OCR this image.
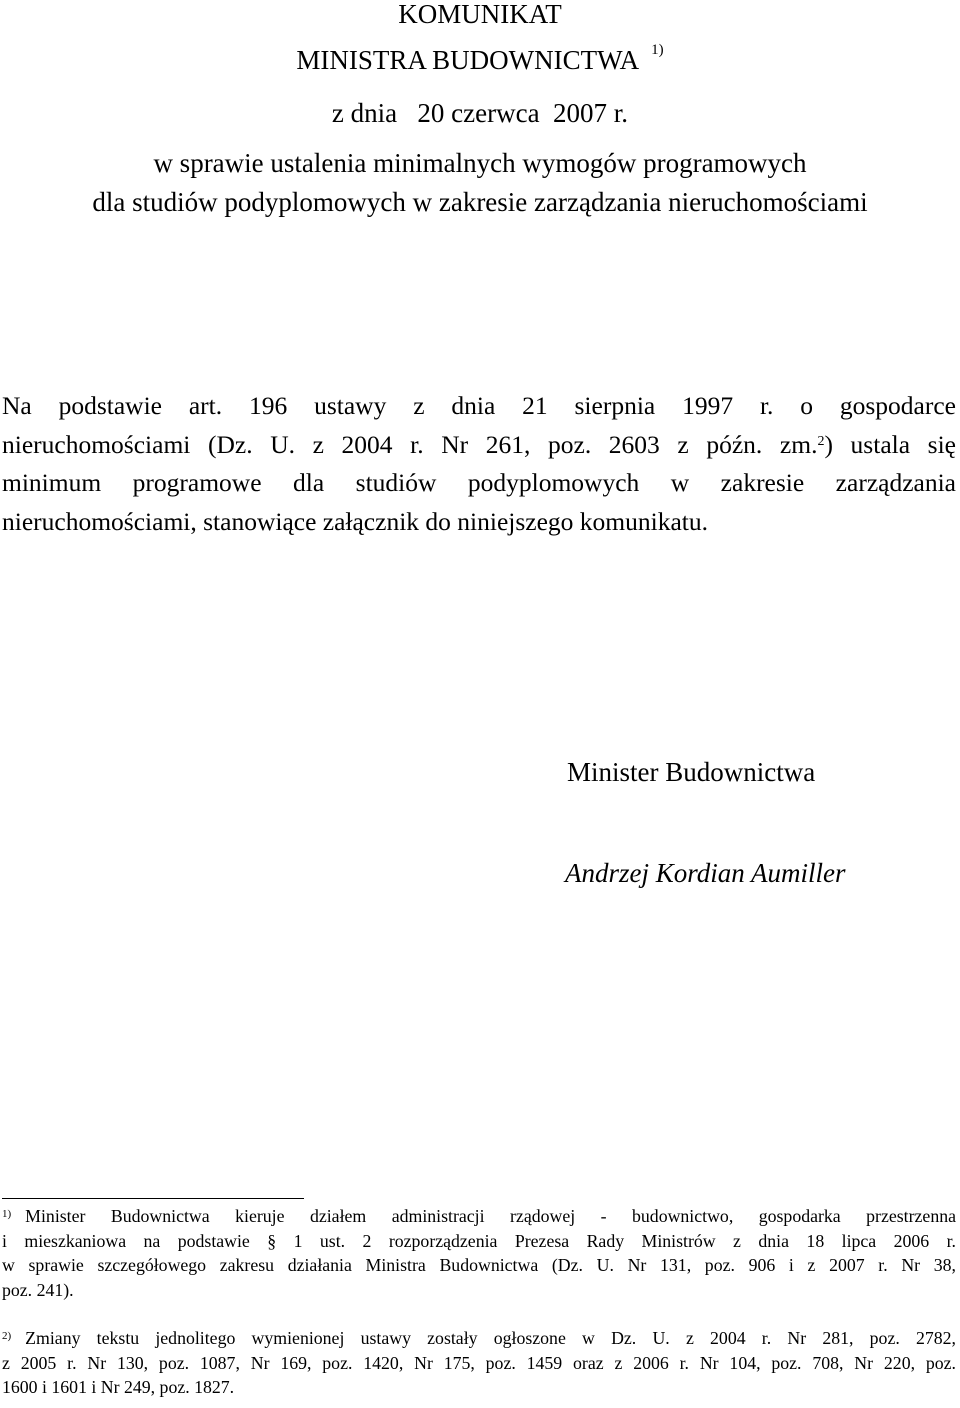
KOMUNIKAT
MINISTRA BUDOWNICTWA $^{1)}$
z dnia   20 czerwca  2007 r.
w sprawie ustalenia minimalnych wymogów programowych
dla studiów podyplomowych w zakresie zarządzania nieruchomościami
Na podstawie art. 196 ustawy z dnia 21 sierpnia 1997 r. o gospodarce
nieruchomościami (Dz. U. z 2004 r. Nr 261, poz. 2603 z późn. zm.$^2$) ustala się
minimum programowe dla studiów podyplomowych w zakresie zarządzania
nieruchomościami, stanowiące załącznik do niniejszego komunikatu.
Minister Budownictwa
Andrzej Kordian Aumiller
$^{1)}$ Minister Budownictwa kieruje działem administracji rządowej - budownictwo, gospodarka przestrzenna
i mieszkaniowa na podstawie § 1 ust. 2 rozporządzenia Prezesa Rady Ministrów z dnia 18 lipca 2006 r.
w sprawie szczegółowego zakresu działania Ministra Budownictwa (Dz. U. Nr 131, poz. 906 i z 2007 r. Nr 38,
poz. 241).
$^{2)}$ Zmiany tekstu jednolitego wymienionej ustawy zostały ogłoszone w Dz. U. z 2004 r. Nr 281, poz. 2782,
z 2005 r. Nr 130, poz. 1087, Nr 169, poz. 1420, Nr 175, poz. 1459 oraz z 2006 r. Nr 104, poz. 708, Nr 220, poz.
1600 i 1601 i Nr 249, poz. 1827.
